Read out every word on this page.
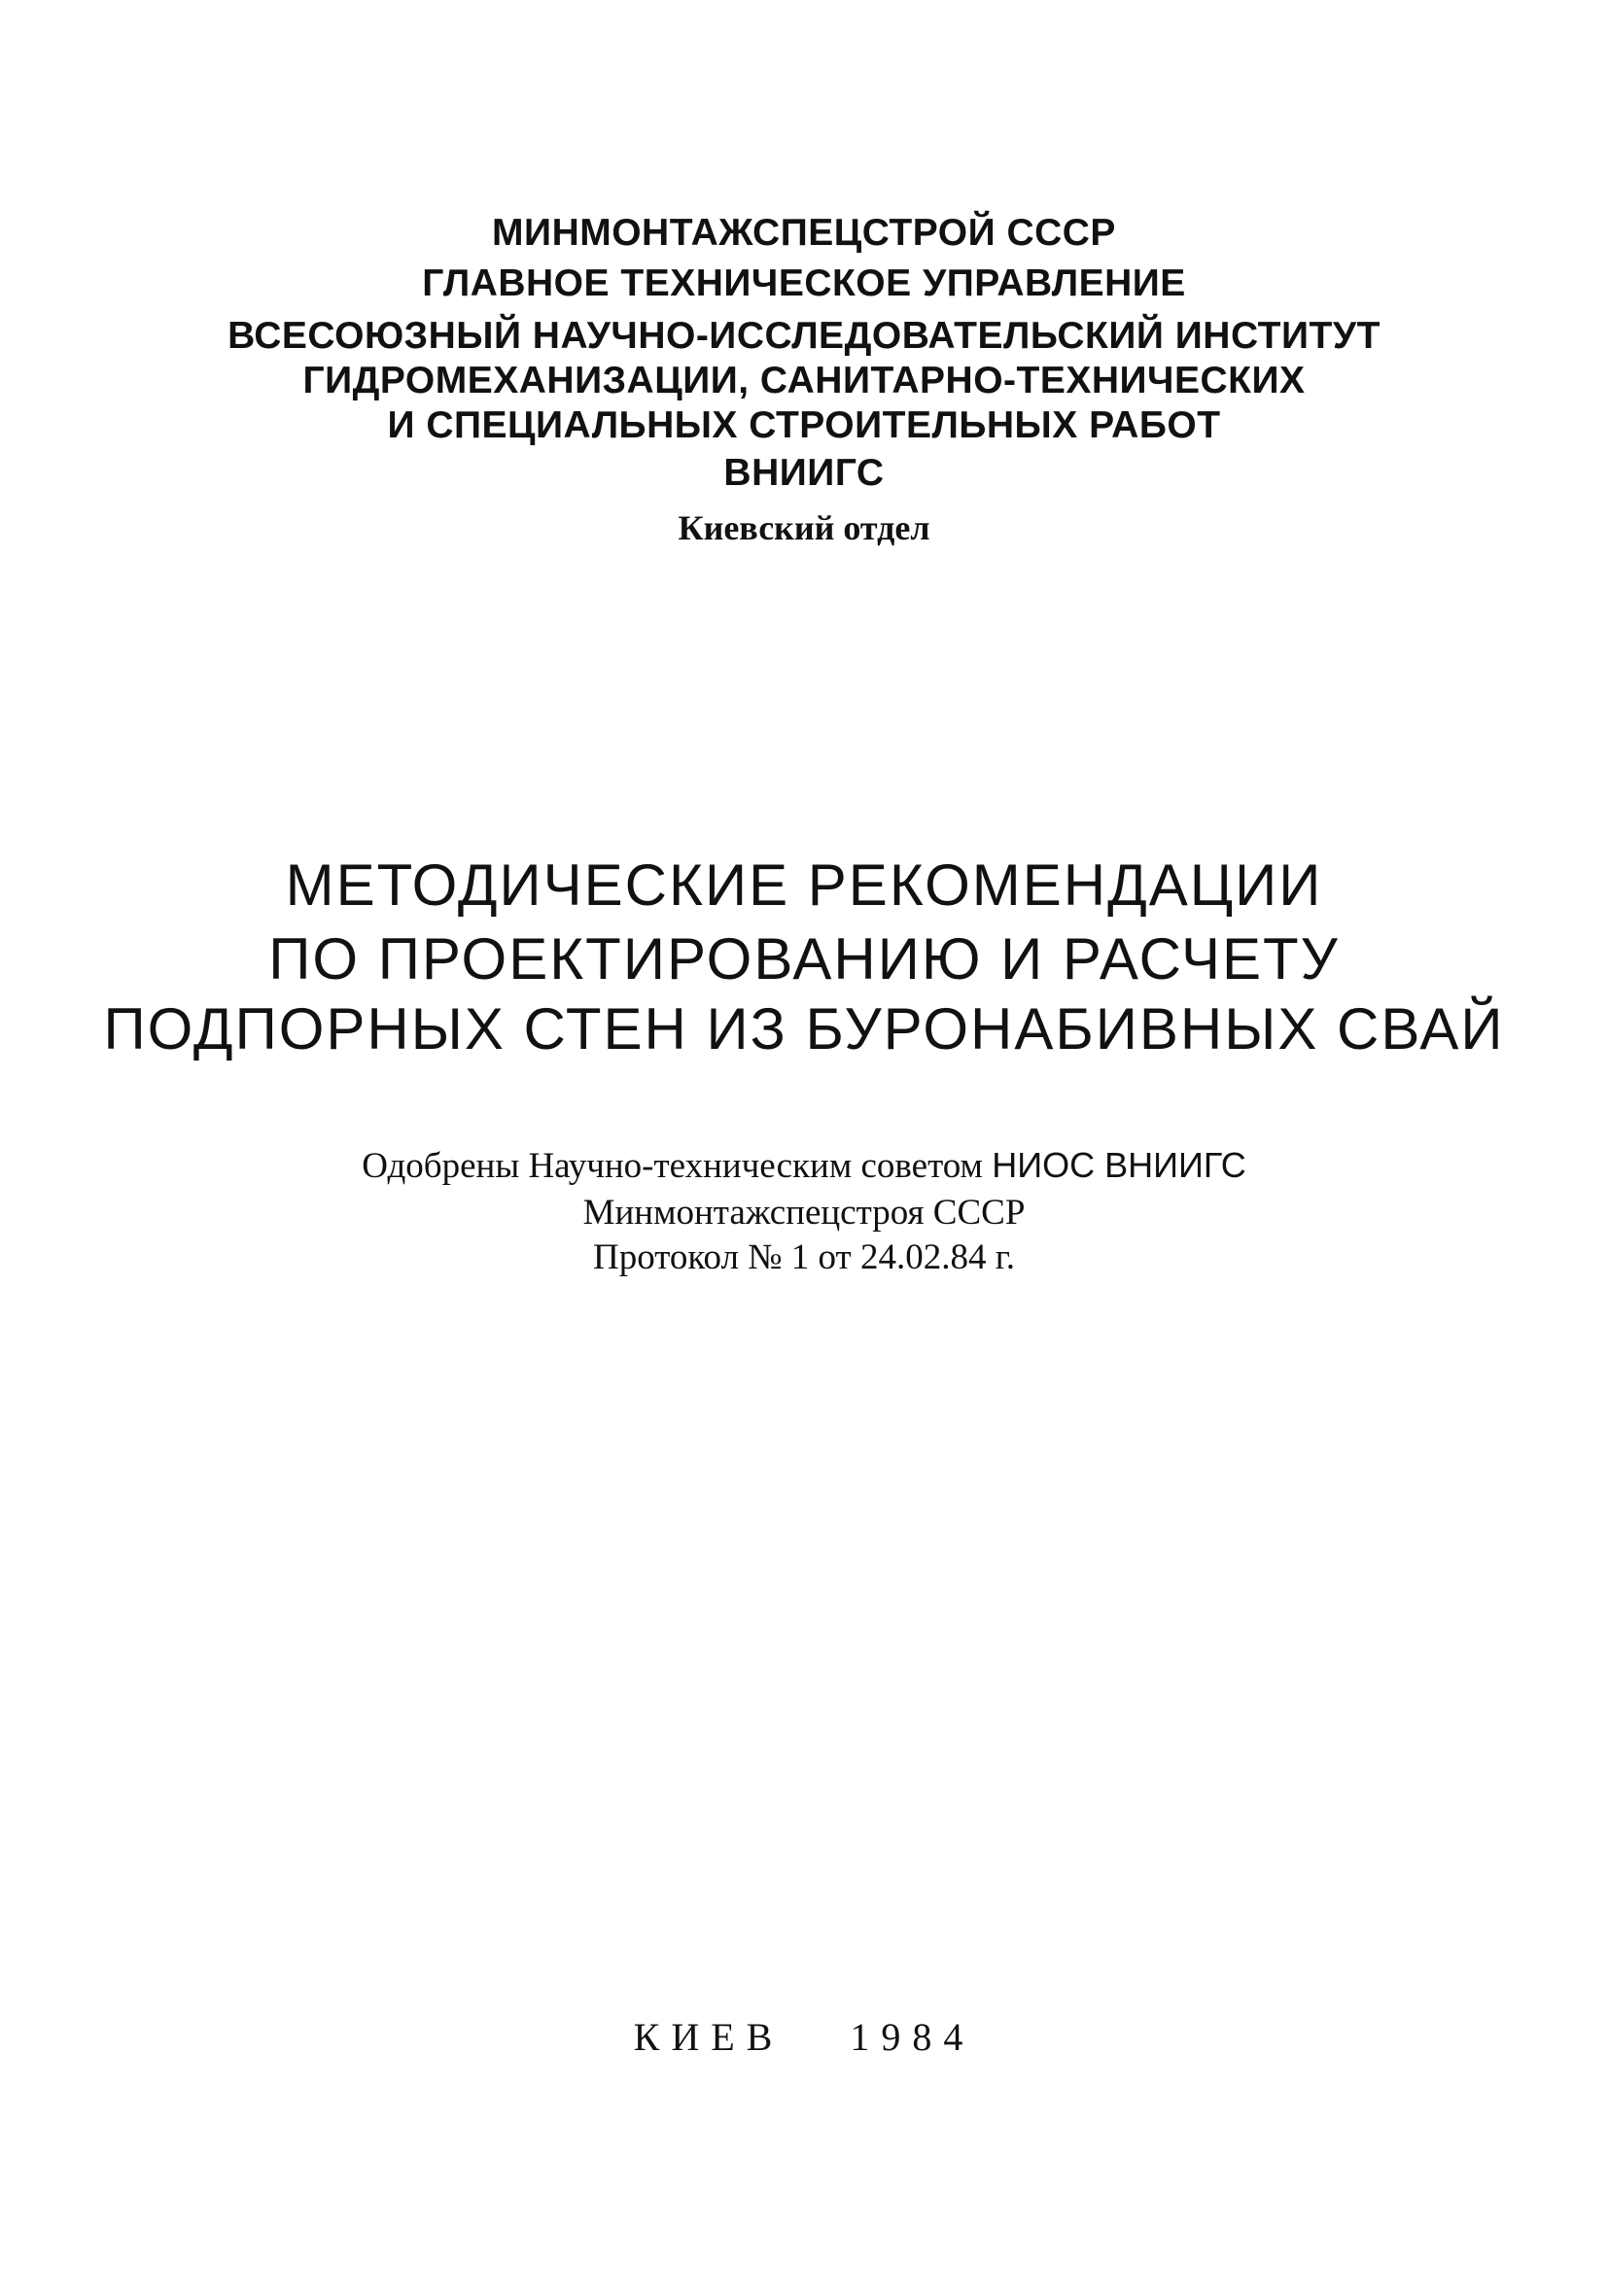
МИНМОНТАЖСПЕЦСТРОЙ СССР
ГЛАВНОЕ ТЕХНИЧЕСКОЕ УПРАВЛЕНИЕ
ВСЕСОЮЗНЫЙ НАУЧНО-ИССЛЕДОВАТЕЛЬСКИЙ ИНСТИТУТ
ГИДРОМЕХАНИЗАЦИИ, САНИТАРНО-ТЕХНИЧЕСКИХ
И СПЕЦИАЛЬНЫХ СТРОИТЕЛЬНЫХ РАБОТ
ВНИИГС
Киевский отдел
МЕТОДИЧЕСКИЕ РЕКОМЕНДАЦИИ
ПО ПРОЕКТИРОВАНИЮ И РАСЧЕТУ
ПОДПОРНЫХ СТЕН ИЗ БУРОНАБИВНЫХ СВАЙ
Одобрены Научно-техническим советом НИОС ВНИИГС
Минмонтажспецстроя СССР
Протокол № 1 от 24.02.84 г.
КИЕВ 1984
